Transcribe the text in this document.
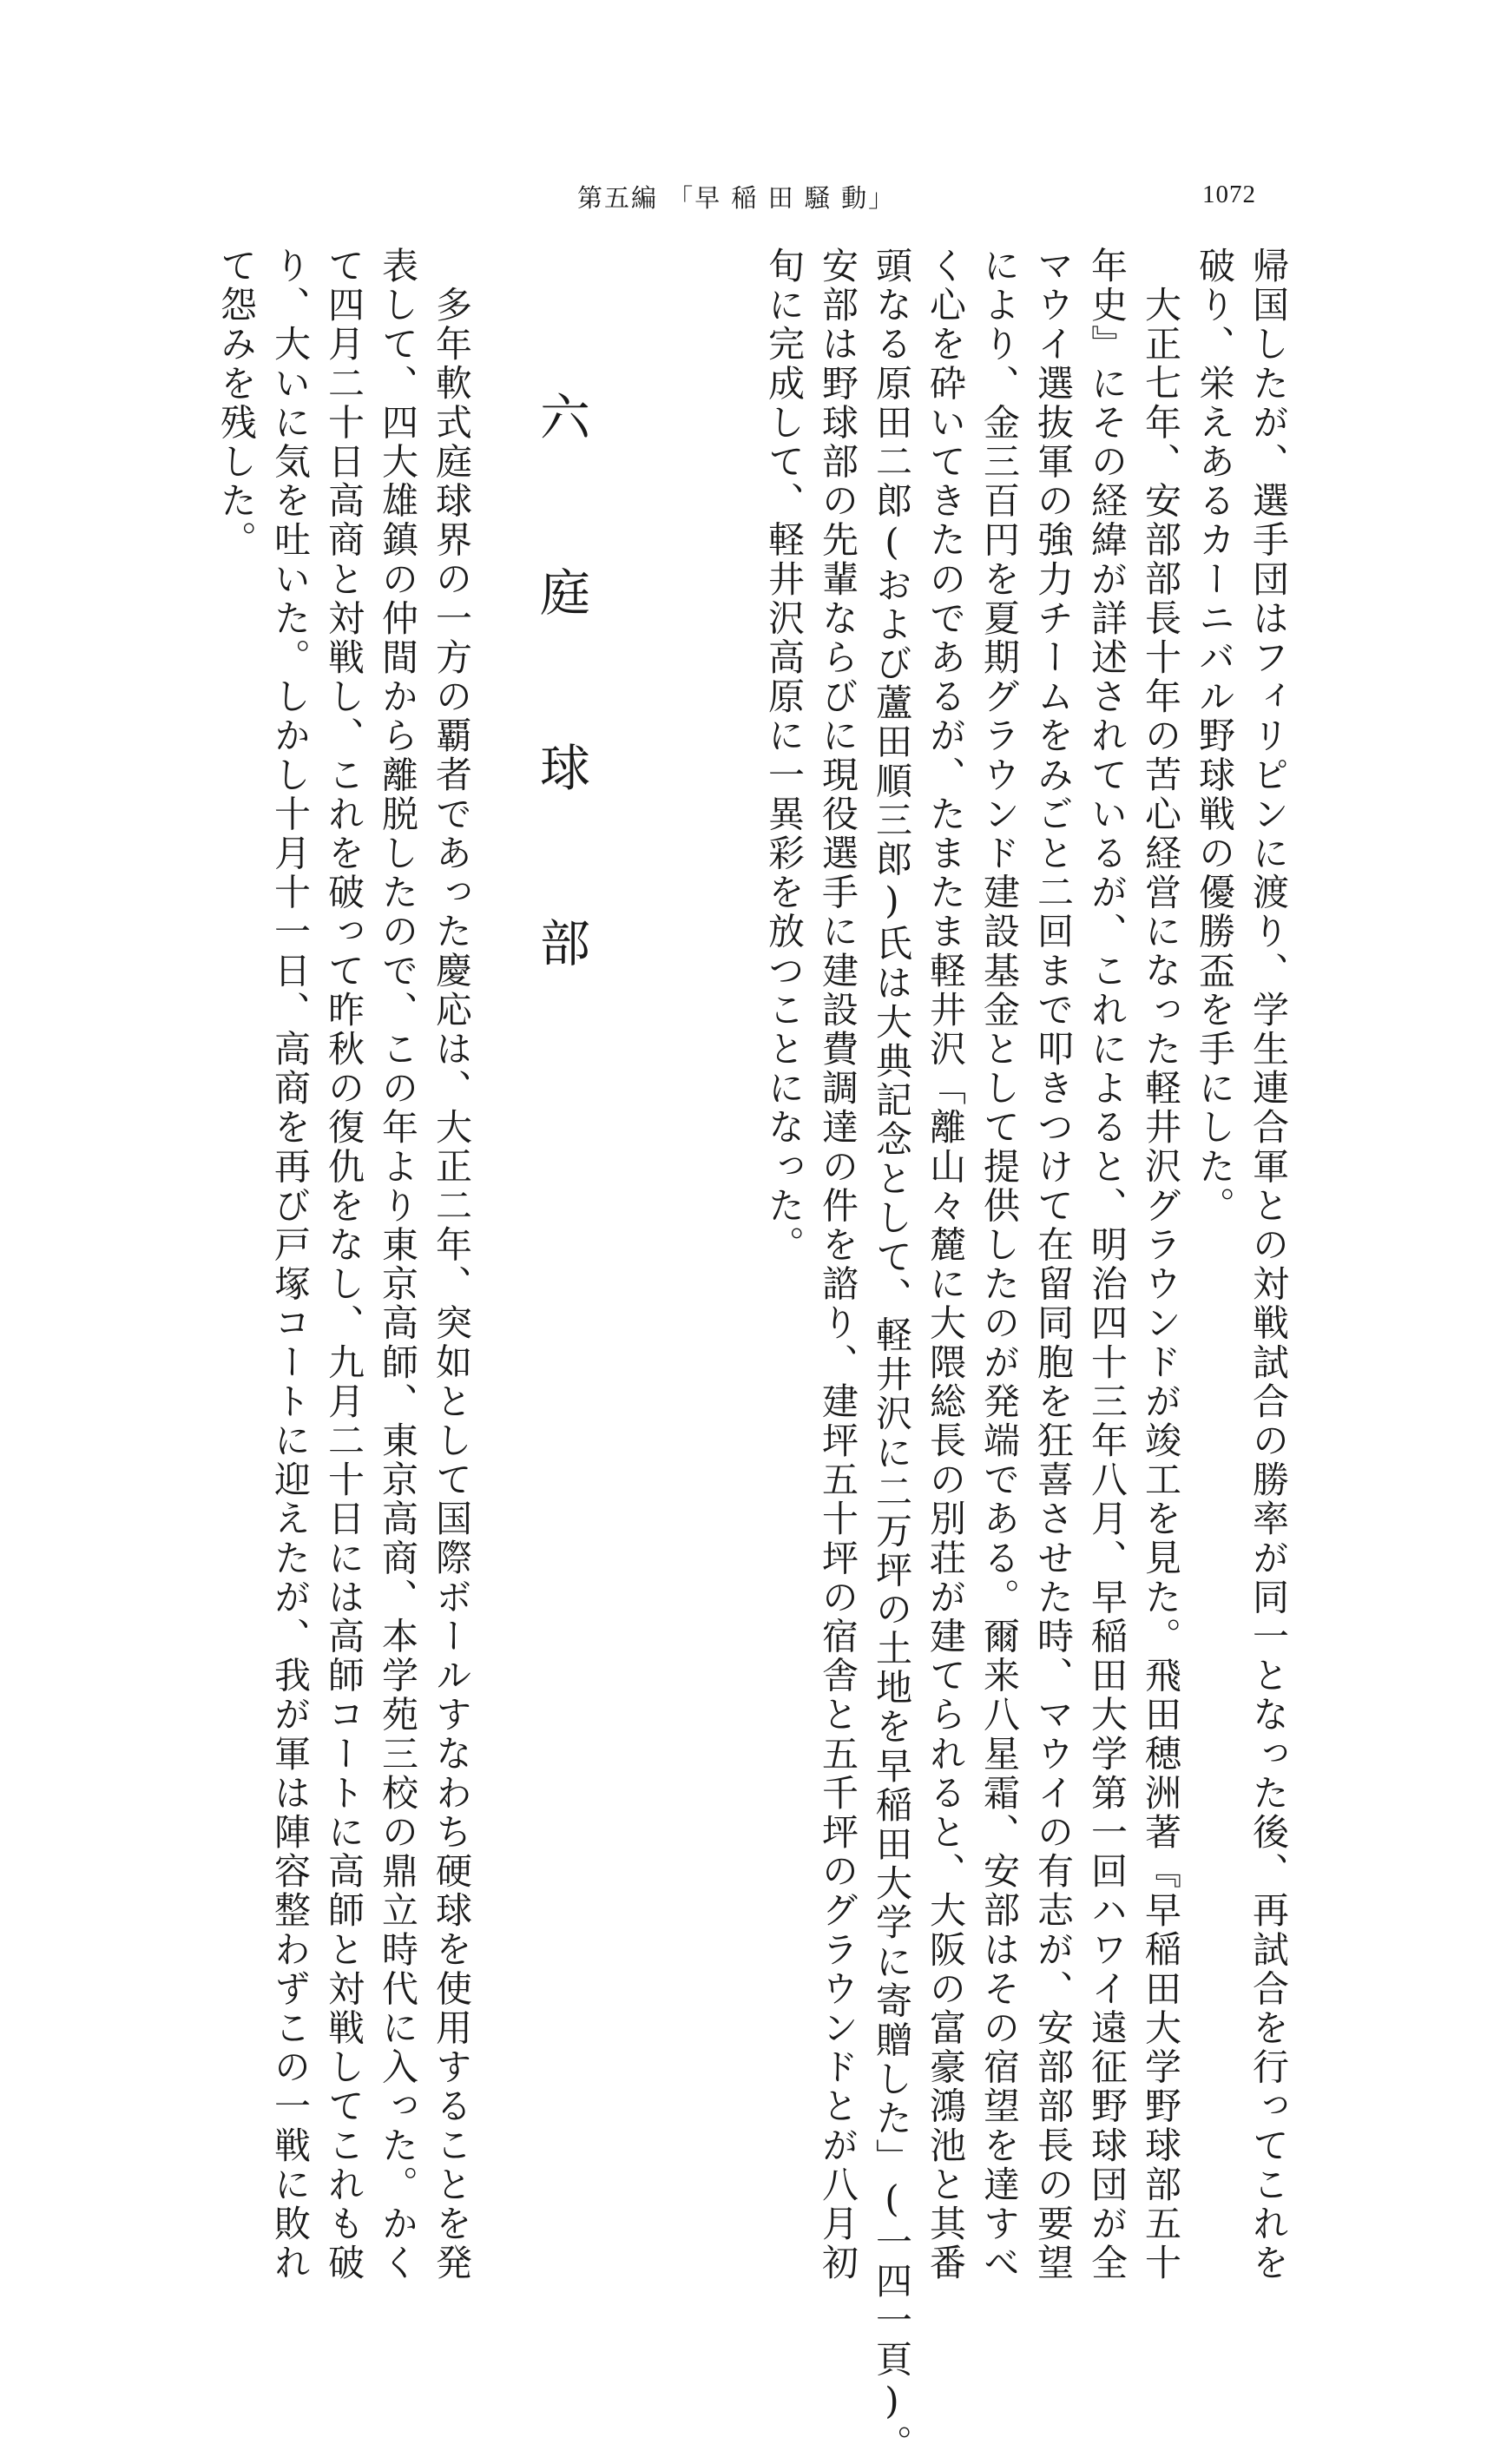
第五編 「早 稲 田 騒 動」	1072
帰国したが、選手団はフィリピンに渡り、学生連合軍との対戦試合の勝率が同一となった後、再試合を行ってこれを
破り、栄えあるカーニバル野球戦の優勝盃を手にした。
大正七年、安部部長十年の苦心経営になった軽井沢グラウンドが竣工を見た。飛田穂洲著『早稲田大学野球部五十
年史』にその経緯が詳述されているが、これによると、明治四十三年八月、早稲田大学第一回ハワイ遠征野球団が全
マウイ選抜軍の強力チームをみごと二回まで叩きつけて在留同胞を狂喜させた時、マウイの有志が、安部部長の要望
により、金三百円を夏期グラウンド建設基金として提供したのが発端である。爾来八星霜、安部はその宿望を達すべ
く心を砕いてきたのであるが、たまたま軽井沢「離山々麓に大隈総長の別荘が建てられると、大阪の富豪鴻池と其番
頭なる原田二郎(および蘆田順三郎)氏は大典記念として、軽井沢に二万坪の土地を早稲田大学に寄贈した」(一四一頁)。
安部は野球部の先輩ならびに現役選手に建設費調達の件を諮り、建坪五十坪の宿舎と五千坪のグラウンドとが八月初
旬に完成して、軽井沢高原に一異彩を放つことになった。
六 庭 球 部
多年軟式庭球界の一方の覇者であった慶応は、大正二年、突如として国際ボールすなわち硬球を使用することを発
表して、四大雄鎮の仲間から離脱したので、この年より東京高師、東京高商、本学苑三校の鼎立時代に入った。かく
て四月二十日高商と対戦し、これを破って昨秋の復仇をなし、九月二十日には高師コートに高師と対戦してこれも破
り、大いに気を吐いた。しかし十月十一日、高商を再び戸塚コートに迎えたが、我が軍は陣容整わずこの一戦に敗れ
て怨みを残した。
